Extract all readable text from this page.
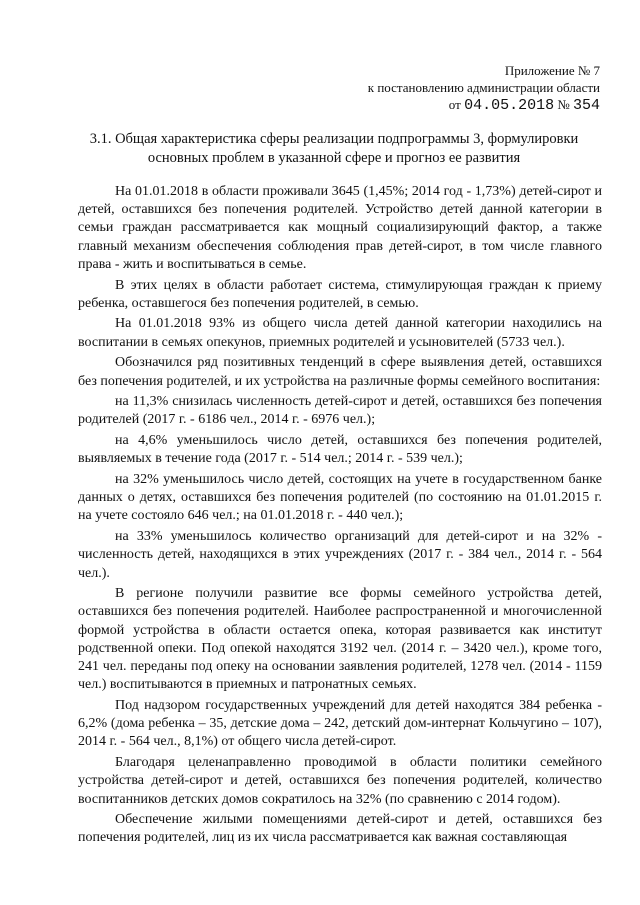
Приложение № 7
к постановлению администрации области
от 04.05.2018 № 354
3.1. Общая характеристика сферы реализации подпрограммы 3, формулировки
основных проблем в указанной сфере и прогноз ее развития

На 01.01.2018 в области проживали 3645 (1,45%; 2014 год - 1,73%) детей-сирот и детей, оставшихся без попечения родителей. Устройство детей данной категории в семьи граждан рассматривается как мощный социализирующий фактор, а также главный механизм обеспечения соблюдения прав детей-сирот, в том числе главного права - жить и воспитываться в семье.

В этих целях в области работает система, стимулирующая граждан к приему ребенка, оставшегося без попечения родителей, в семью.

На 01.01.2018 93% из общего числа детей данной категории находились на воспитании в семьях опекунов, приемных родителей и усыновителей (5733 чел.).

Обозначился ряд позитивных тенденций в сфере выявления детей, оставшихся без попечения родителей, и их устройства на различные формы семейного воспитания:

на 11,3% снизилась численность детей-сирот и детей, оставшихся без попечения родителей (2017 г. - 6186 чел., 2014 г. - 6976 чел.);

на 4,6% уменьшилось число детей, оставшихся без попечения родителей, выявляемых в течение года (2017 г. - 514 чел.; 2014 г. - 539 чел.);

на 32% уменьшилось число детей, состоящих на учете в государственном банке данных о детях, оставшихся без попечения родителей (по состоянию на 01.01.2015 г. на учете состояло 646 чел.; на 01.01.2018 г. - 440 чел.);

на 33% уменьшилось количество организаций для детей-сирот и на 32% - численность детей, находящихся в этих учреждениях (2017 г. - 384 чел., 2014 г. - 564 чел.).

В регионе получили развитие все формы семейного устройства детей, оставшихся без попечения родителей. Наиболее распространенной и многочисленной формой устройства в области остается опека, которая развивается как институт родственной опеки. Под опекой находятся 3192 чел. (2014 г. – 3420 чел.), кроме того, 241 чел. переданы под опеку на основании заявления родителей, 1278 чел. (2014 - 1159 чел.) воспитываются в приемных и патронатных семьях.

Под надзором государственных учреждений для детей находятся 384 ребенка - 6,2% (дома ребенка – 35, детские дома – 242, детский дом-интернат Кольчугино – 107), 2014 г. - 564 чел., 8,1%) от общего числа детей-сирот.

Благодаря целенаправленно проводимой в области политики семейного устройства детей-сирот и детей, оставшихся без попечения родителей, количество воспитанников детских домов сократилось на 32% (по сравнению с 2014 годом).

Обеспечение жилыми помещениями детей-сирот и детей, оставшихся без попечения родителей, лиц из их числа рассматривается как важная составляющая
